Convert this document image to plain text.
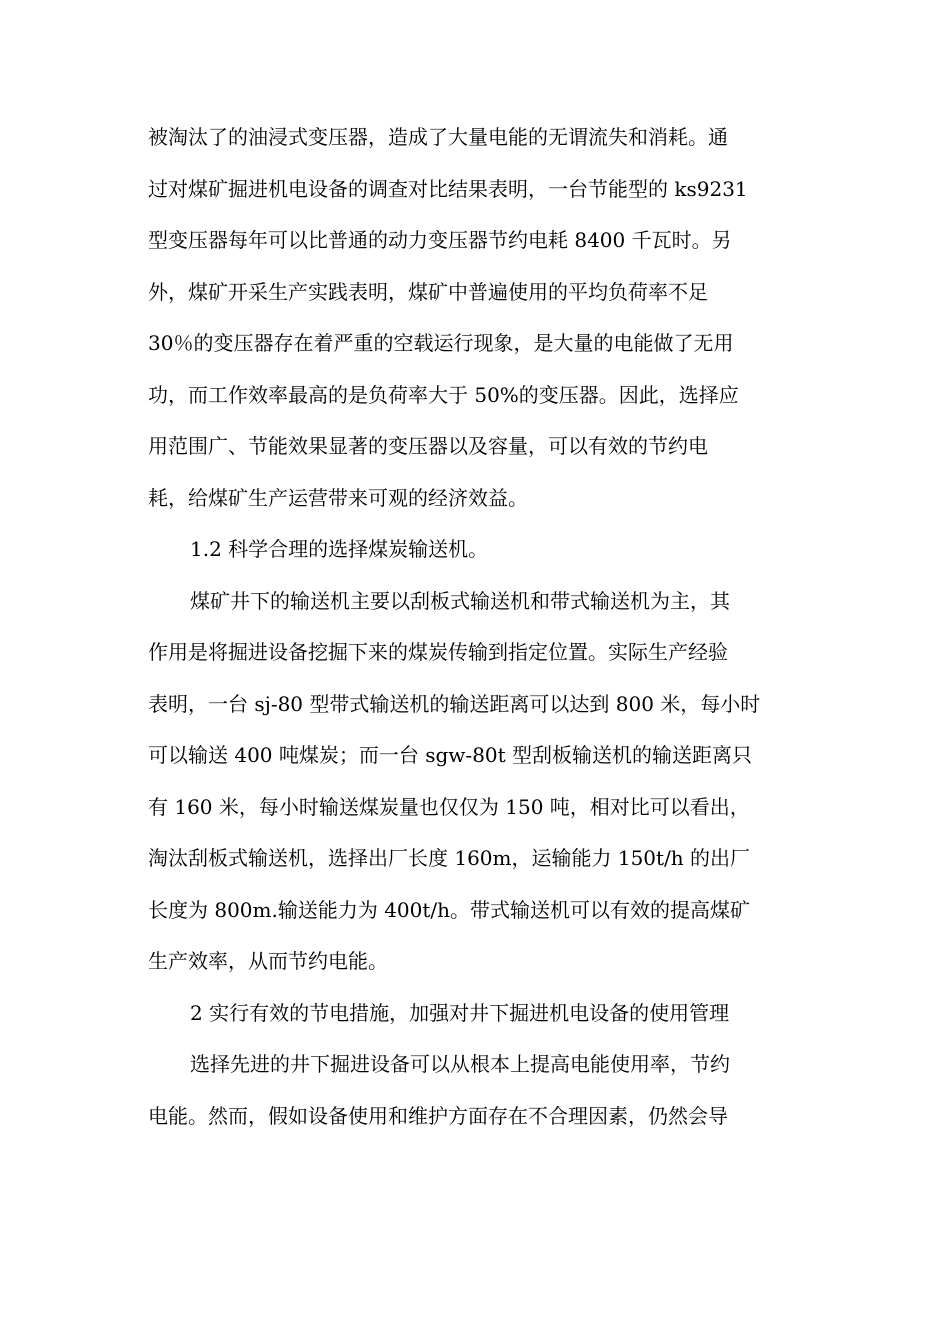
被淘汰了的油浸式变压器，造成了大量电能的无谓流失和消耗。通
过对煤矿掘进机电设备的调查对比结果表明，一台节能型的 ks9231
型变压器每年可以比普通的动力变压器节约电耗 8400 千瓦时。另
外，煤矿开采生产实践表明，煤矿中普遍使用的平均负荷率不足
30％的变压器存在着严重的空载运行现象，是大量的电能做了无用
功，而工作效率最高的是负荷率大于 50%的变压器。因此，选择应
用范围广、节能效果显著的变压器以及容量，可以有效的节约电
耗，给煤矿生产运营带来可观的经济效益。
1.2 科学合理的选择煤炭输送机。
煤矿井下的输送机主要以刮板式输送机和带式输送机为主，其
作用是将掘进设备挖掘下来的煤炭传输到指定位置。实际生产经验
表明，一台 sj-80 型带式输送机的输送距离可以达到 800 米，每小时
可以输送 400 吨煤炭；而一台 sgw-80t 型刮板输送机的输送距离只
有 160 米，每小时输送煤炭量也仅仅为 150 吨，相对比可以看出，
淘汰刮板式输送机，选择出厂长度 160m，运输能力 150t/h 的出厂
长度为 800m.输送能力为 400t/h。带式输送机可以有效的提高煤矿
生产效率，从而节约电能。
2 实行有效的节电措施，加强对井下掘进机电设备的使用管理
选择先进的井下掘进设备可以从根本上提高电能使用率，节约
电能。然而，假如设备使用和维护方面存在不合理因素，仍然会导
